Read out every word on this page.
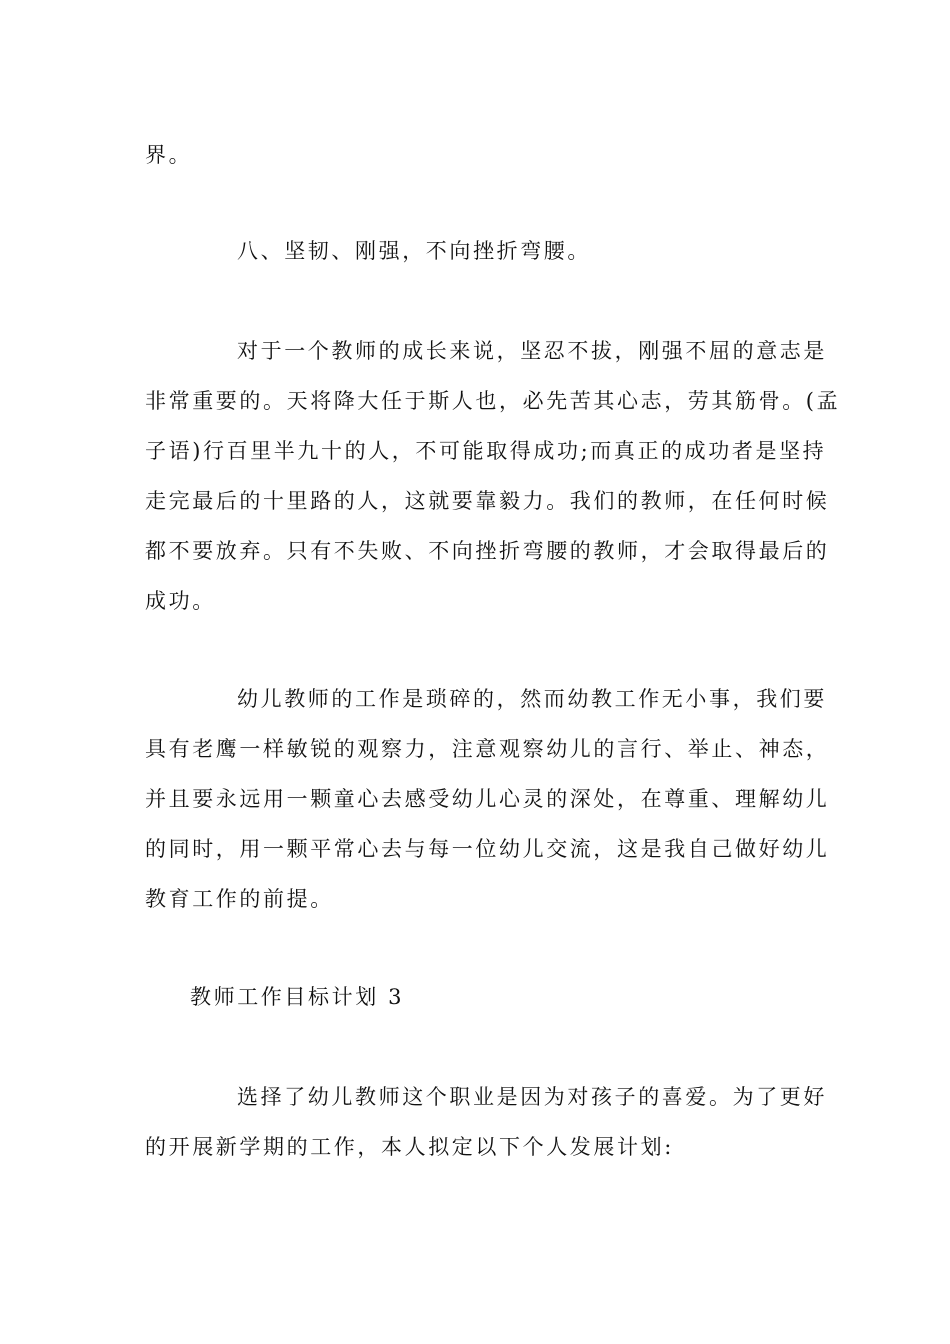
界。
八、坚韧、刚强，不向挫折弯腰。
对于一个教师的成长来说，坚忍不拔，刚强不屈的意志是
非常重要的。天将降大任于斯人也，必先苦其心志，劳其筋骨。(孟
子语)行百里半九十的人，不可能取得成功;而真正的成功者是坚持
走完最后的十里路的人，这就要靠毅力。我们的教师，在任何时候
都不要放弃。只有不失败、不向挫折弯腰的教师，才会取得最后的
成功。
幼儿教师的工作是琐碎的，然而幼教工作无小事，我们要
具有老鹰一样敏锐的观察力，注意观察幼儿的言行、举止、神态，
并且要永远用一颗童心去感受幼儿心灵的深处，在尊重、理解幼儿
的同时，用一颗平常心去与每一位幼儿交流，这是我自己做好幼儿
教育工作的前提。
教师工作目标计划 3
选择了幼儿教师这个职业是因为对孩子的喜爱。为了更好
的开展新学期的工作，本人拟定以下个人发展计划:
